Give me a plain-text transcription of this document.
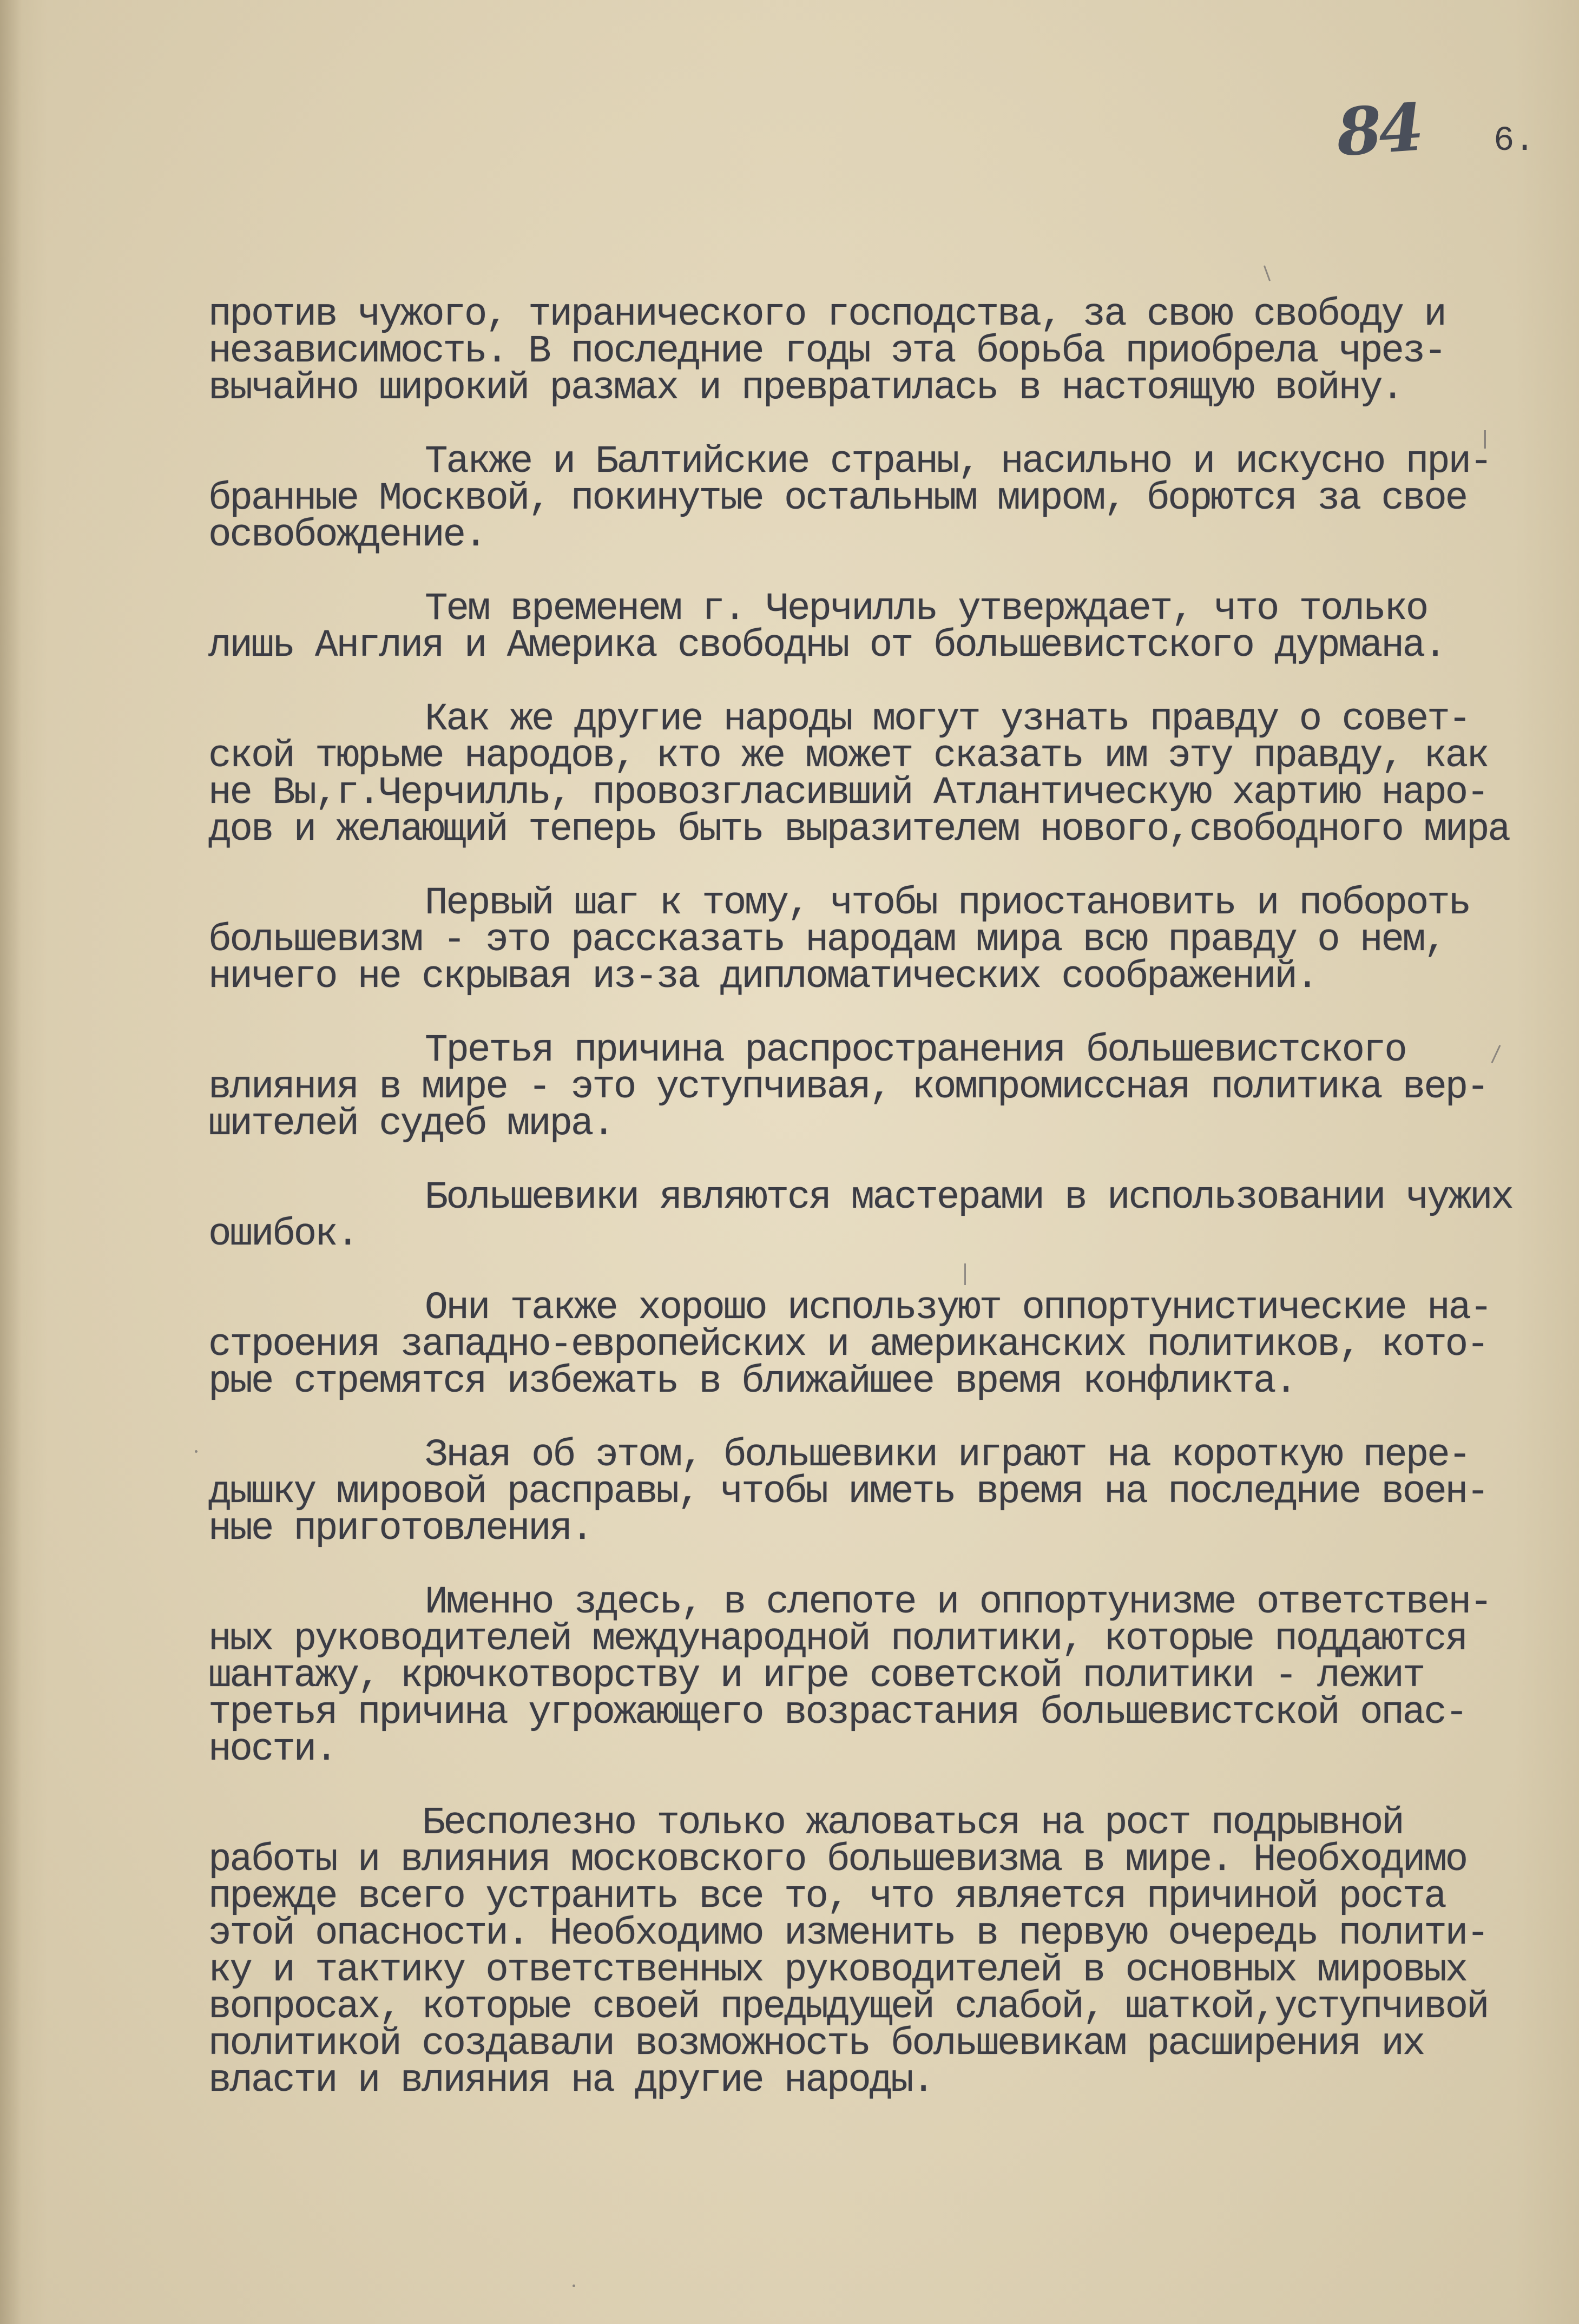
84 6.
против чужого, тиранического господства, за свою свободу и
независимость. В последние годы эта борьба приобрела чрез-
вычайно широкий размах и превратилась в настоящую войну.
Также и Балтийские страны, насильно и искусно при-
бранные Москвой, покинутые остальным миром, борются за свое
освобождение.
Тем временем г. Черчилль утверждает, что только
лишь Англия и Америка свободны от большевистского дурмана.
Как же другие народы могут узнать правду о совет-
ской тюрьме народов, кто же может сказать им эту правду, как
не Вы,г.Черчилль, провозгласивший Атлантическую хартию наро-
дов и желающий теперь быть выразителем нового,свободного мира
Первый шаг к тому, чтобы приостановить и побороть
большевизм - это рассказать народам мира всю правду о нем,
ничего не скрывая из-за дипломатических соображений.
Третья причина распространения большевистского
влияния в мире - это уступчивая, компромиссная политика вер-
шителей судеб мира.
Большевики являются мастерами в использовании чужих
ошибок.
Они также хорошо используют оппортунистические на-
строения западно-европейских и американских политиков, кото-
рые стремятся избежать в ближайшее время конфликта.
Зная об этом, большевики играют на короткую пере-
дышку мировой расправы, чтобы иметь время на последние воен-
ные приготовления.
Именно здесь, в слепоте и оппортунизме ответствен-
ных руководителей международной политики, которые поддаются
шантажу, крючкотворству и игре советской политики - лежит
третья причина угрожающего возрастания большевистской опас-
ности.
Бесполезно только жаловаться на рост подрывной
работы и влияния московского большевизма в мире. Необходимо
прежде всего устранить все то, что является причиной роста
этой опасности. Необходимо изменить в первую очередь полити-
ку и тактику ответственных руководителей в основных мировых
вопросах, которые своей предыдущей слабой, шаткой,уступчивой
политикой создавали возможность большевикам расширения их
власти и влияния на другие народы.
